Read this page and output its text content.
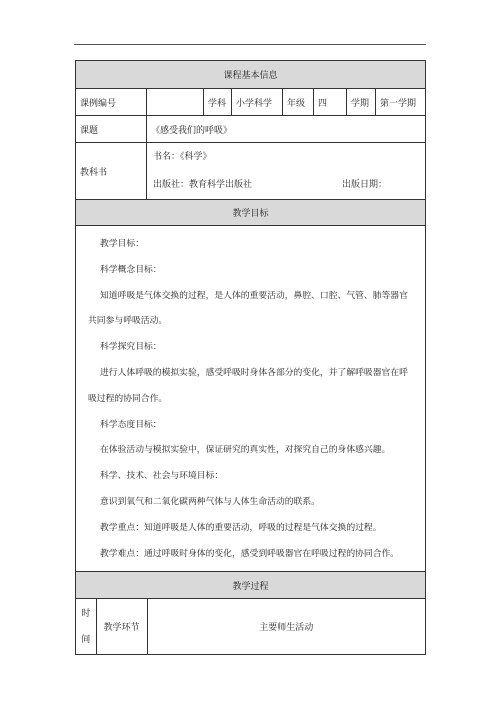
课程基本信息
课例编号		学科	小学科学	年级	四	学期	第一学期
课题	《感受我们的呼吸》
教科书	
书名：《科学》
出版社：教育科学出版社	出版日期：

教学目标

教学目标：

科学概念目标：

知道呼吸是气体交换的过程，是人体的重要活动，鼻腔、口腔、气管、肺等器官共同参与呼吸活动。

科学探究目标：

进行人体呼吸的模拟实验，感受呼吸时身体各部分的变化，并了解呼吸器官在呼吸过程的协同合作。

科学态度目标：

在体验活动与模拟实验中，保证研究的真实性，对探究自己的身体感兴趣。

科学、技术、社会与环境目标：

意识到氧气和二氧化碳两种气体与人体生命活动的联系。

教学重点：知道呼吸是人体的重要活动，呼吸的过程是气体交换的过程。

教学难点：通过呼吸时身体的变化，感受到呼吸器官在呼吸过程的协同合作。

教学过程

时
间
	教学环节	主要师生活动
